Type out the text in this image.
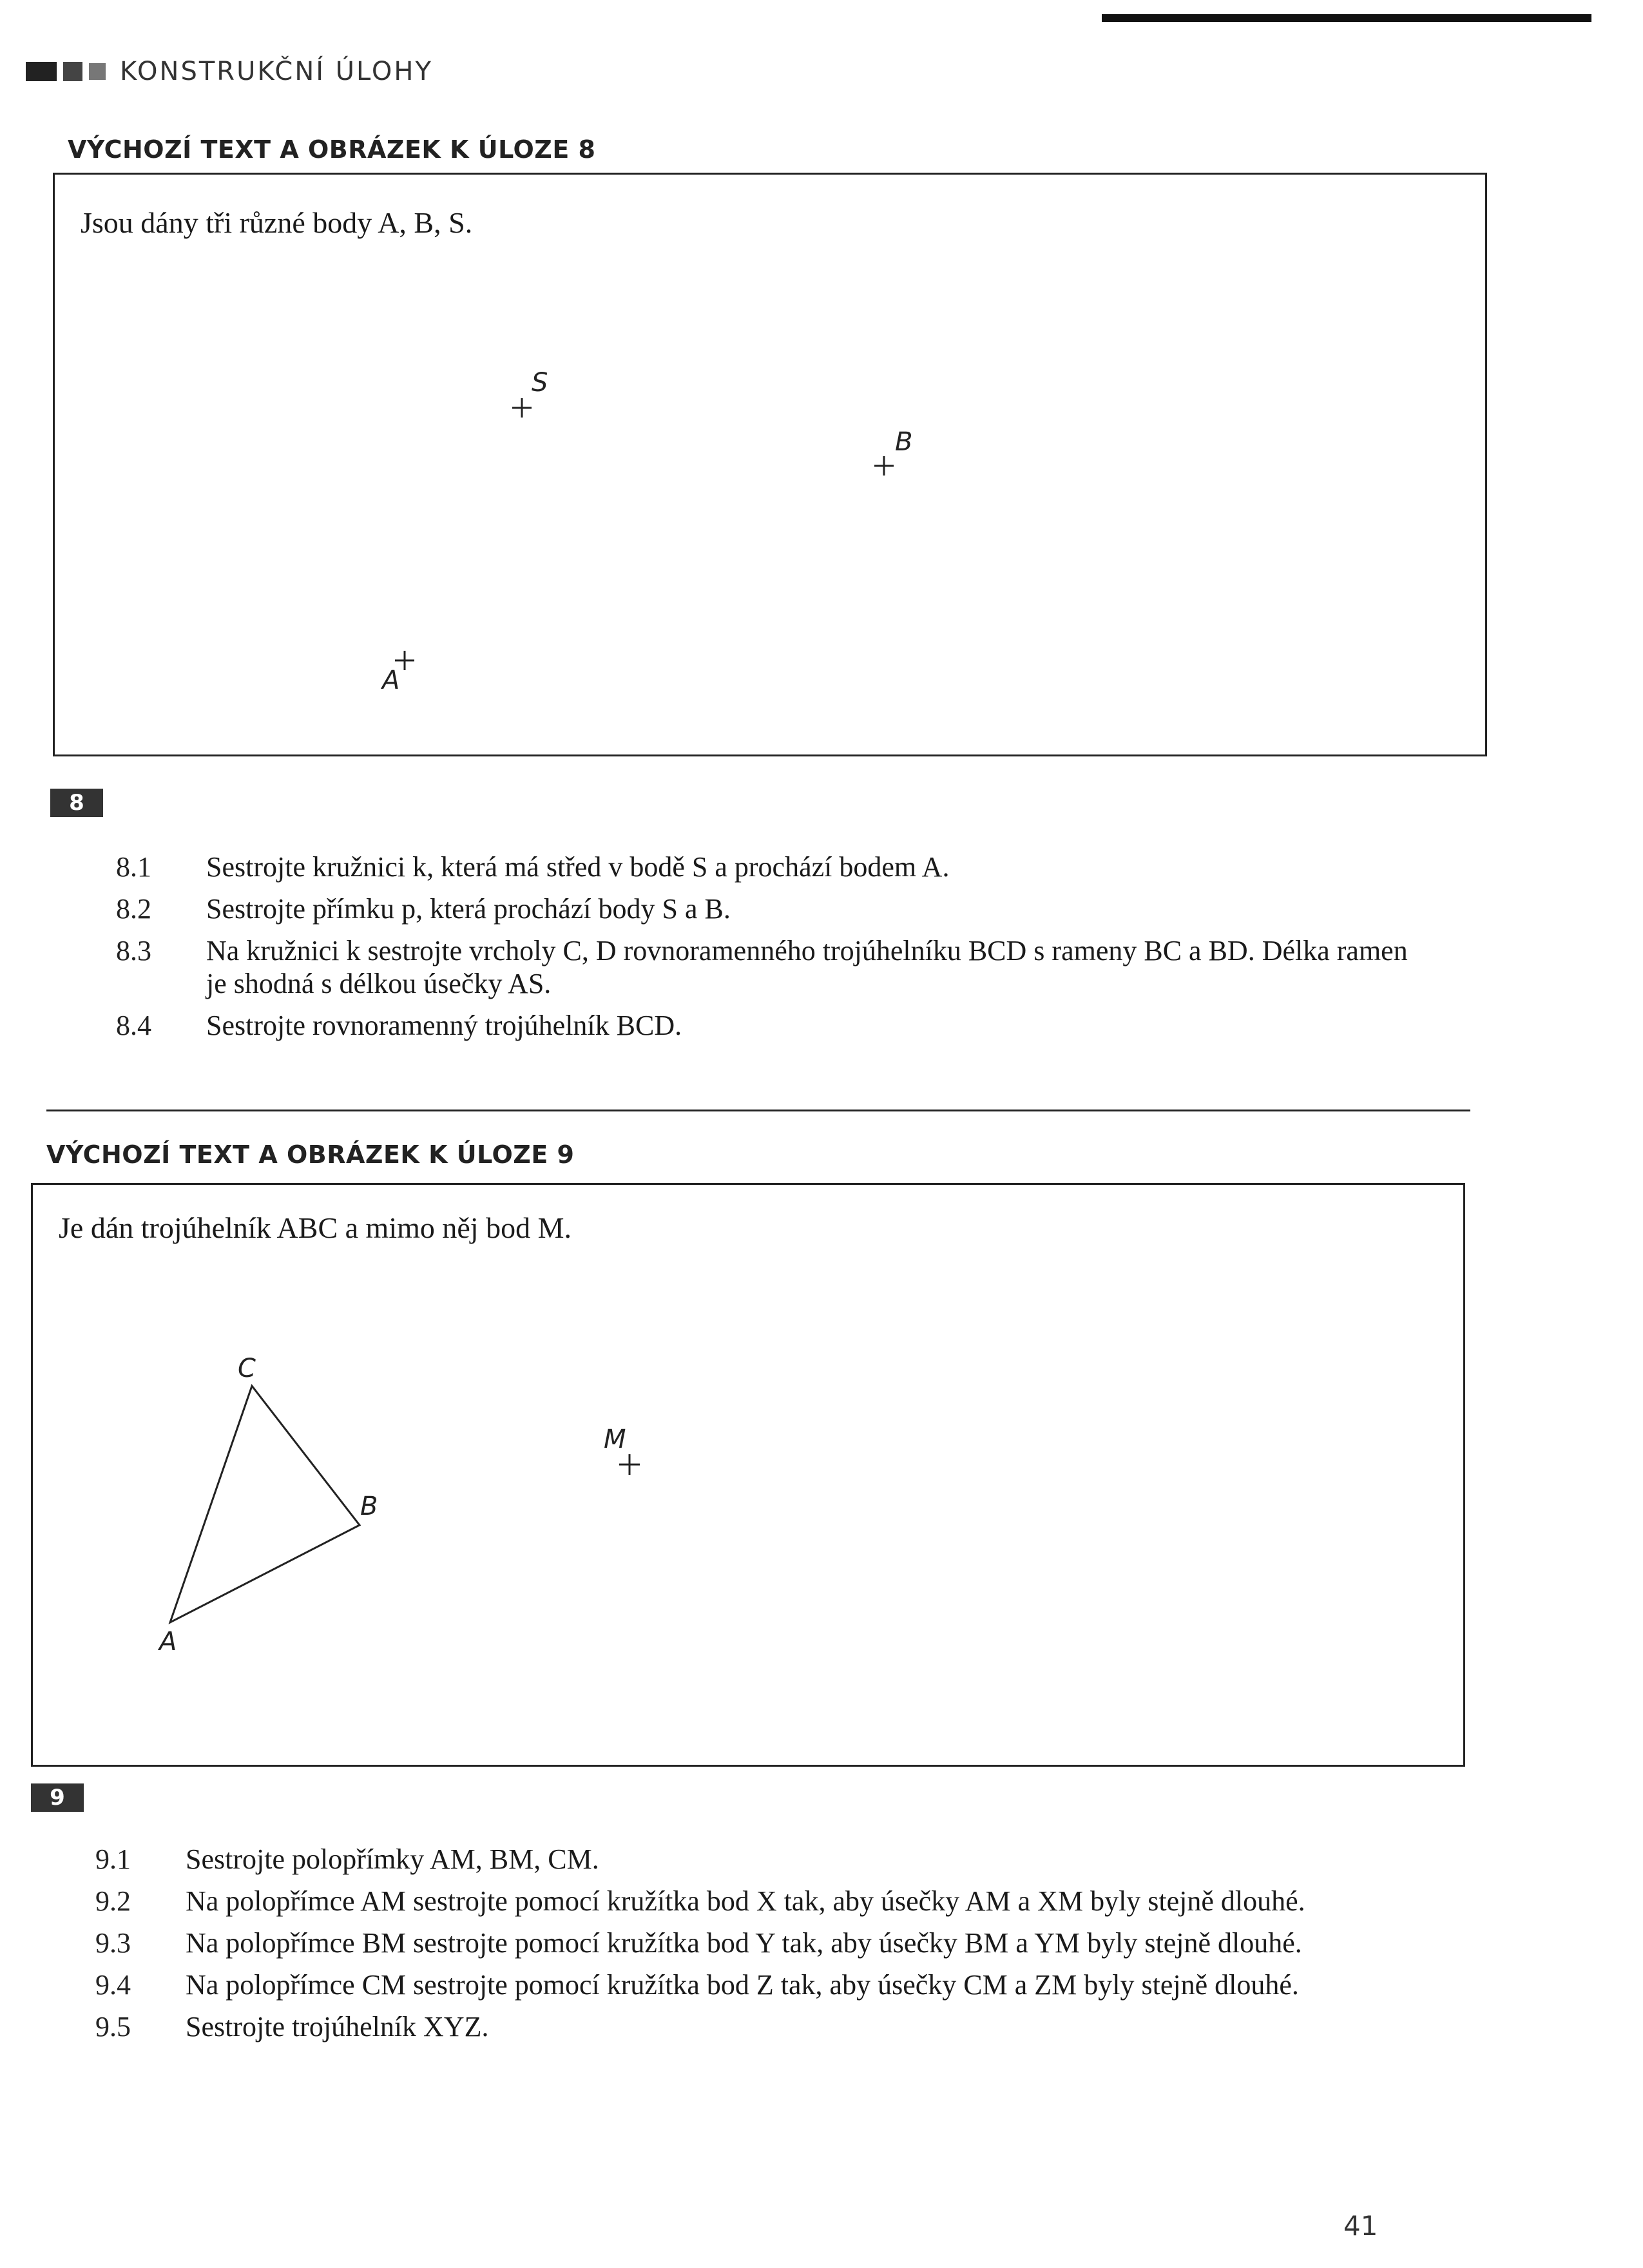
KONSTRUKČNÍ ÚLOHY
VÝCHOZÍ TEXT A OBRÁZEK K ÚLOZE 8
Jsou dány tři různé body A, B, S.
S
B
A
8
8.1	Sestrojte kružnici k, která má střed v bodě S a prochází bodem A.
8.2	Sestrojte přímku p, která prochází body S a B.
8.3	Na kružnici k sestrojte vrcholy C, D rovnoramenného trojúhelníku BCD s rameny BC a BD. Délka ramen je shodná s délkou úsečky AS.
8.4	Sestrojte rovnoramenný trojúhelník BCD.
VÝCHOZÍ TEXT A OBRÁZEK K ÚLOZE 9
Je dán trojúhelník ABC a mimo něj bod M.
C
B
A
M
9
9.1	Sestrojte polopřímky AM, BM, CM.
9.2	Na polopřímce AM sestrojte pomocí kružítka bod X tak, aby úsečky AM a XM byly stejně dlouhé.
9.3	Na polopřímce BM sestrojte pomocí kružítka bod Y tak, aby úsečky BM a YM byly stejně dlouhé.
9.4	Na polopřímce CM sestrojte pomocí kružítka bod Z tak, aby úsečky CM a ZM byly stejně dlouhé.
9.5	Sestrojte trojúhelník XYZ.
41
